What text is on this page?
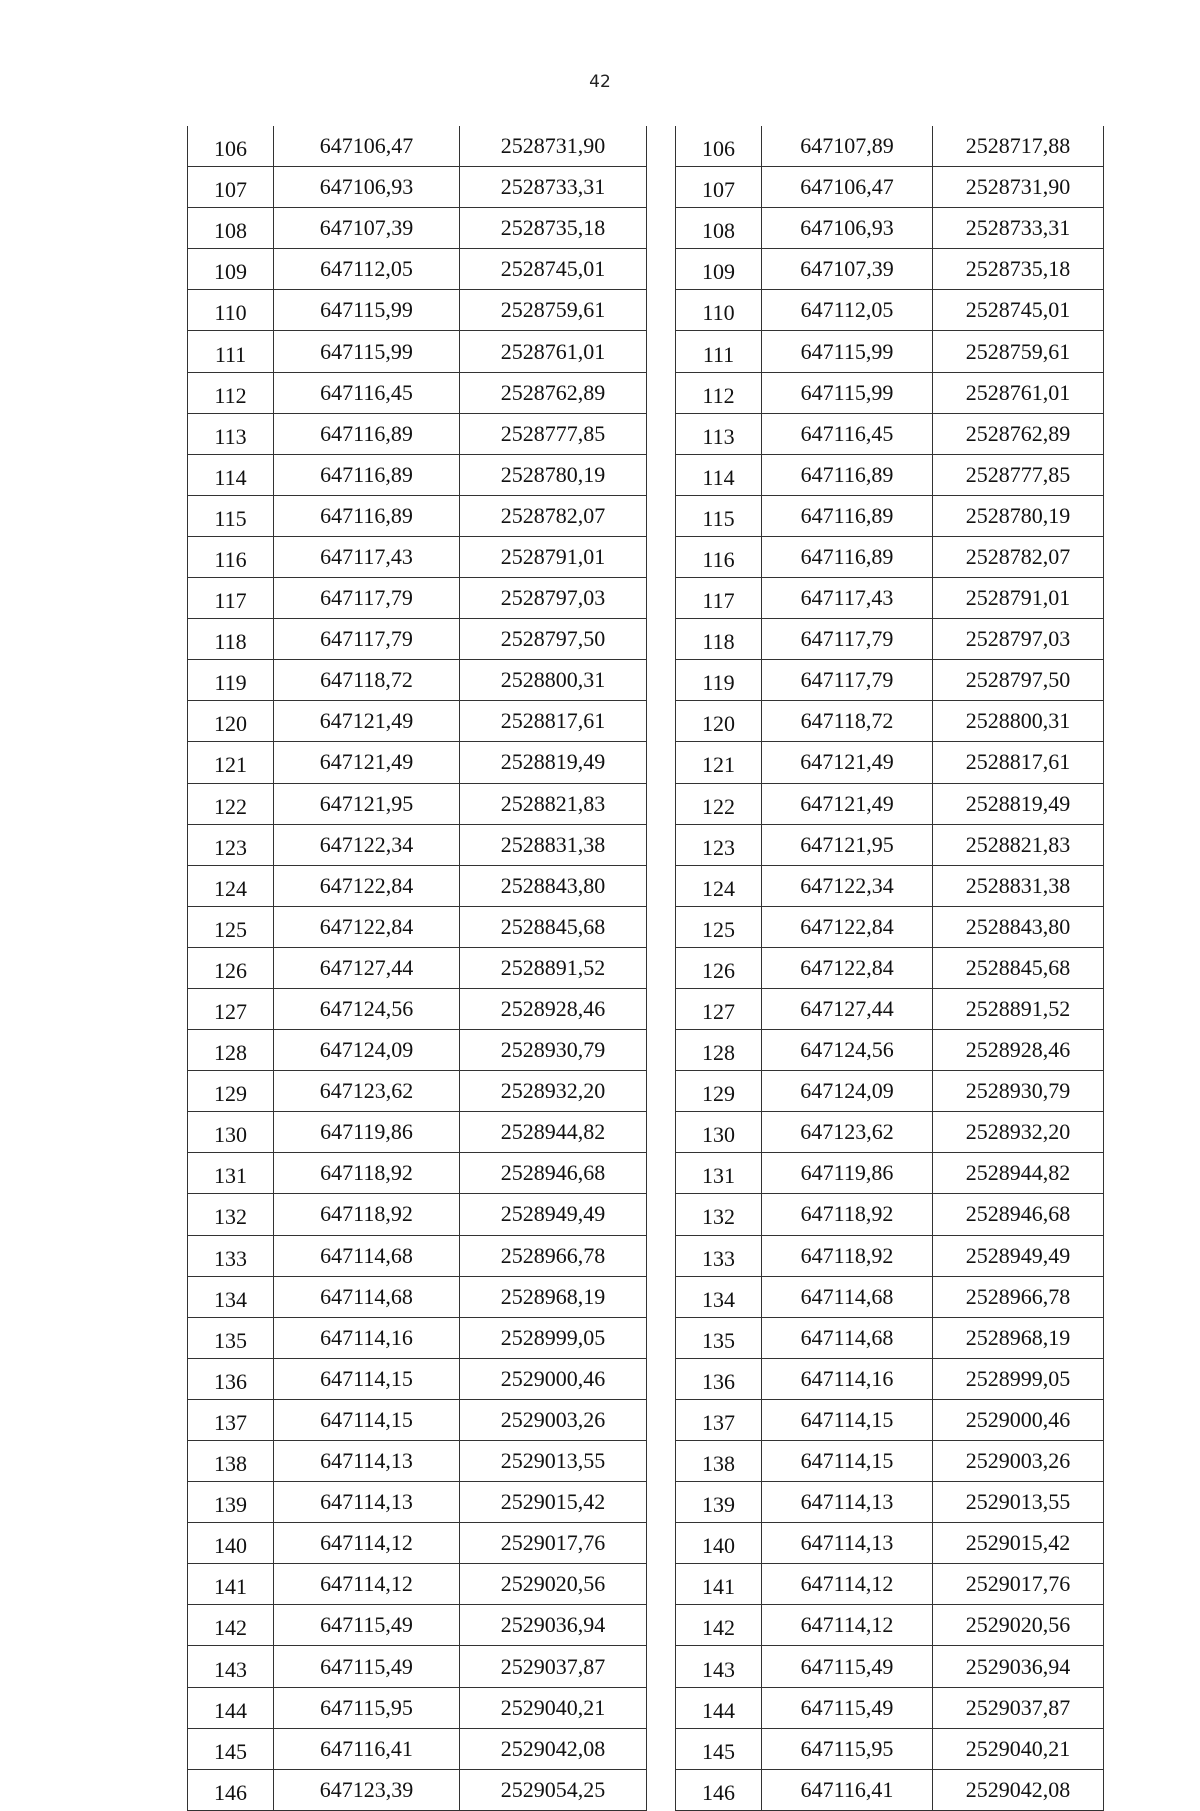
42
106	647106,47	2528731,90
107	647106,93	2528733,31
108	647107,39	2528735,18
109	647112,05	2528745,01
110	647115,99	2528759,61
111	647115,99	2528761,01
112	647116,45	2528762,89
113	647116,89	2528777,85
114	647116,89	2528780,19
115	647116,89	2528782,07
116	647117,43	2528791,01
117	647117,79	2528797,03
118	647117,79	2528797,50
119	647118,72	2528800,31
120	647121,49	2528817,61
121	647121,49	2528819,49
122	647121,95	2528821,83
123	647122,34	2528831,38
124	647122,84	2528843,80
125	647122,84	2528845,68
126	647127,44	2528891,52
127	647124,56	2528928,46
128	647124,09	2528930,79
129	647123,62	2528932,20
130	647119,86	2528944,82
131	647118,92	2528946,68
132	647118,92	2528949,49
133	647114,68	2528966,78
134	647114,68	2528968,19
135	647114,16	2528999,05
136	647114,15	2529000,46
137	647114,15	2529003,26
138	647114,13	2529013,55
139	647114,13	2529015,42
140	647114,12	2529017,76
141	647114,12	2529020,56
142	647115,49	2529036,94
143	647115,49	2529037,87
144	647115,95	2529040,21
145	647116,41	2529042,08
146	647123,39	2529054,25
106	647107,89	2528717,88
107	647106,47	2528731,90
108	647106,93	2528733,31
109	647107,39	2528735,18
110	647112,05	2528745,01
111	647115,99	2528759,61
112	647115,99	2528761,01
113	647116,45	2528762,89
114	647116,89	2528777,85
115	647116,89	2528780,19
116	647116,89	2528782,07
117	647117,43	2528791,01
118	647117,79	2528797,03
119	647117,79	2528797,50
120	647118,72	2528800,31
121	647121,49	2528817,61
122	647121,49	2528819,49
123	647121,95	2528821,83
124	647122,34	2528831,38
125	647122,84	2528843,80
126	647122,84	2528845,68
127	647127,44	2528891,52
128	647124,56	2528928,46
129	647124,09	2528930,79
130	647123,62	2528932,20
131	647119,86	2528944,82
132	647118,92	2528946,68
133	647118,92	2528949,49
134	647114,68	2528966,78
135	647114,68	2528968,19
136	647114,16	2528999,05
137	647114,15	2529000,46
138	647114,15	2529003,26
139	647114,13	2529013,55
140	647114,13	2529015,42
141	647114,12	2529017,76
142	647114,12	2529020,56
143	647115,49	2529036,94
144	647115,49	2529037,87
145	647115,95	2529040,21
146	647116,41	2529042,08
